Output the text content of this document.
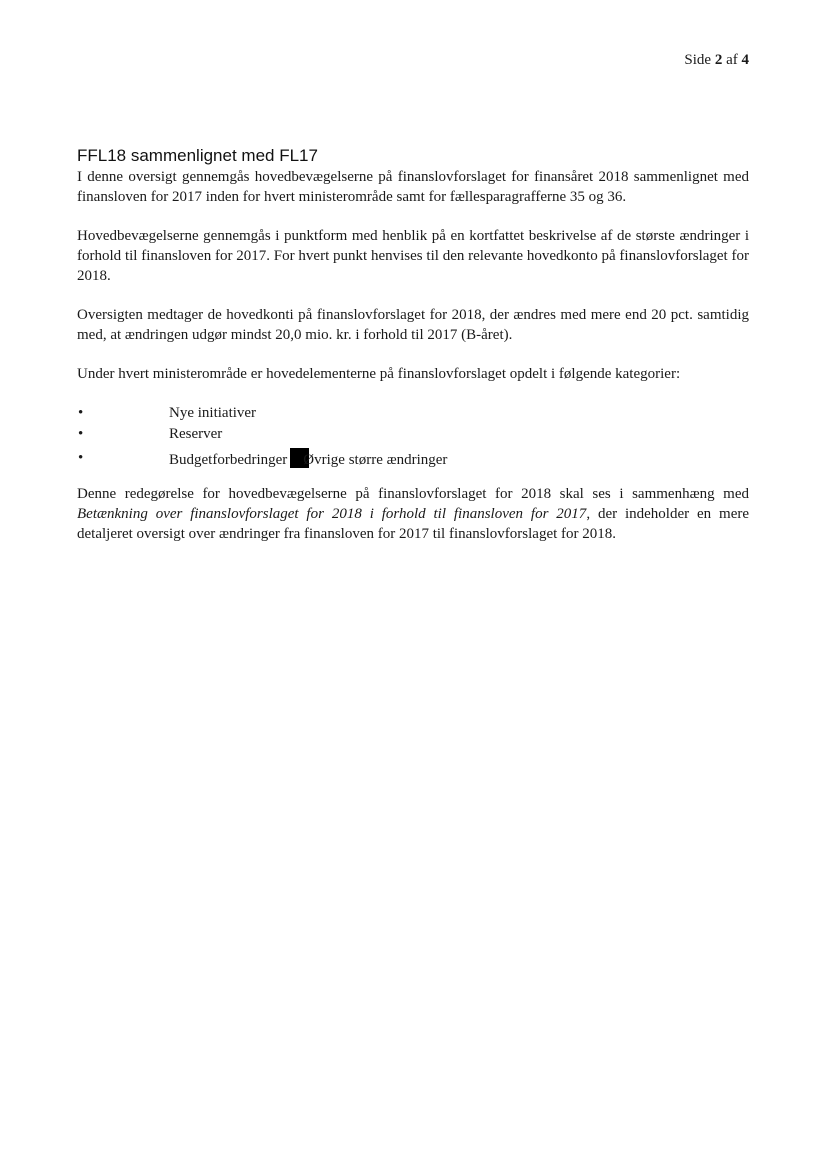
Side 2 af 4
FFL18 sammenlignet med FL17

I denne oversigt gennemgås hovedbevægelserne på finanslovforslaget for finansåret 2018 sammenlignet med finansloven for 2017 inden for hvert ministerområde samt for fællesparagrafferne 35 og 36.

Hovedbevægelserne gennemgås i punktform med henblik på en kortfattet beskrivelse af de største ændringer i forhold til finansloven for 2017. For hvert punkt henvises til den relevante hovedkonto på finanslovforslaget for 2018.

Oversigten medtager de hovedkonti på finanslovforslaget for 2018, der ændres med mere end 20 pct. samtidig med, at ændringen udgør mindst 20,0 mio. kr. i forhold til 2017 (B-året).

Under hvert ministerområde er hovedelementerne på finanslovforslaget opdelt i følgende kategorier:

•	Nye initiativer
•	Reserver
•	Budgetforbedringer Øvrige større ændringer

Denne redegørelse for hovedbevægelserne på finanslovforslaget for 2018 skal ses i sammenhæng med Betænkning over finanslovforslaget for 2018 i forhold til finansloven for 2017, der indeholder en mere detaljeret oversigt over ændringer fra finansloven for 2017 til finanslovforslaget for 2018.
